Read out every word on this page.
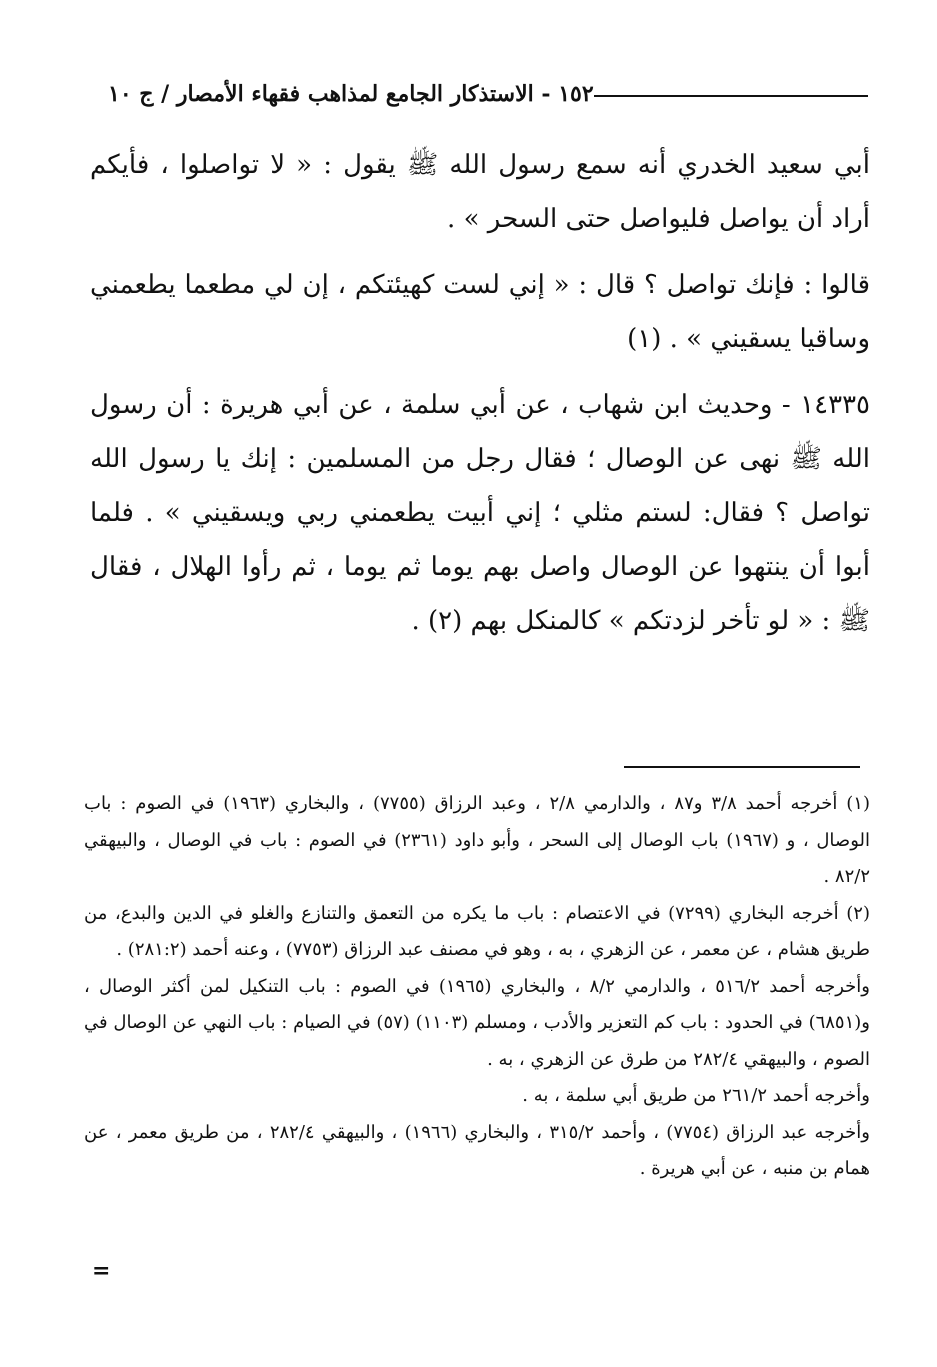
١٥٢ - الاستذكار الجامع لمذاهب فقهاء الأمصار / ج ١٠

أبي سعيد الخدري أنه سمع رسول الله ﷺ يقول : « لا تواصلوا ، فأيكم أراد أن يواصل فليواصل حتى السحر » .

قالوا : فإنك تواصل ؟ قال : « إني لست كهيئتكم ، إن لي مطعما يطعمني وساقيا يسقيني » . (١)

١٤٣٣٥ - وحديث ابن شهاب ، عن أبي سلمة ، عن أبي هريرة : أن رسول الله ﷺ نهى عن الوصال ؛ فقال رجل من المسلمين : إنك يا رسول الله تواصل ؟ فقال: لستم مثلي ؛ إني أبيت يطعمني ربي ويسقيني » . فلما أبوا أن ينتهوا عن الوصال واصل بهم يوما ثم يوما ، ثم رأوا الهلال ، فقال ﷺ : « لو تأخر لزدتكم » كالمنكل بهم (٢) .

(١) أخرجه أحمد ٣/٨ و٨٧ ، والدارمي ٢/٨ ، وعبد الرزاق (٧٧٥٥) ، والبخاري (١٩٦٣) في الصوم : باب الوصال ، و (١٩٦٧) باب الوصال إلى السحر ، وأبو داود (٢٣٦١) في الصوم : باب في الوصال ، والبيهقي ٨٢/٢ .

(٢) أخرجه البخاري (٧٢٩٩) في الاعتصام : باب ما يكره من التعمق والتنازع والغلو في الدين والبدع، من طريق هشام ، عن معمر ، عن الزهري ، به ، وهو في مصنف عبد الرزاق (٧٧٥٣) ، وعنه أحمد (٢٨١:٢) .

وأخرجه أحمد ٥١٦/٢ ، والدارمي ٨/٢ ، والبخاري (١٩٦٥) في الصوم : باب التنكيل لمن أكثر الوصال ، و(٦٨٥١) في الحدود : باب كم التعزير والأدب ، ومسلم (١١٠٣) (٥٧) في الصيام : باب النهي عن الوصال في الصوم ، والبيهقي ٢٨٢/٤ من طرق عن الزهري ، به .

وأخرجه أحمد ٢٦١/٢ من طريق أبي سلمة ، به .

وأخرجه عبد الرزاق (٧٧٥٤) ، وأحمد ٣١٥/٢ ، والبخاري (١٩٦٦) ، والبيهقي ٢٨٢/٤ ، من طريق معمر ، عن همام بن منبه ، عن أبي هريرة .

=
